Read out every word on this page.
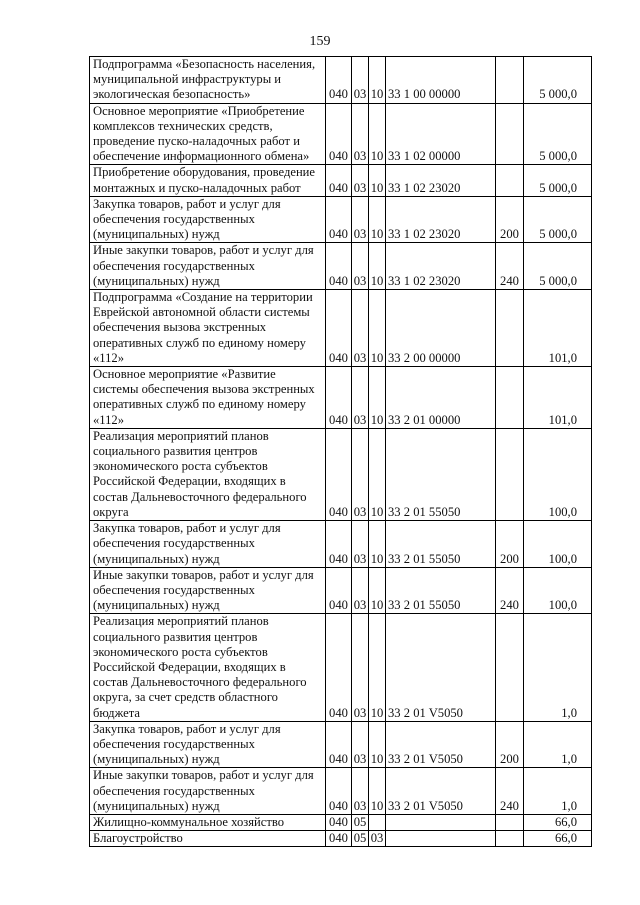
159
Подпрограмма «Безопасность населения, муниципальной инфраструктуры и экологическая безопасность»	040	03	10	33 1 00 00000		5 000,0
Основное мероприятие «Приобретение комплексов технических средств, проведение пуско-наладочных работ и обеспечение информационного обмена»	040	03	10	33 1 02 00000		5 000,0
Приобретение оборудования, проведение монтажных и пуско-наладочных работ	040	03	10	33 1 02 23020		5 000,0
Закупка товаров, работ и услуг для обеспечения государственных (муниципальных) нужд	040	03	10	33 1 02 23020	200	5 000,0
Иные закупки товаров, работ и услуг для обеспечения государственных (муниципальных) нужд	040	03	10	33 1 02 23020	240	5 000,0
Подпрограмма «Создание на территории Еврейской автономной области системы обеспечения вызова экстренных оперативных служб по единому номеру «112»	040	03	10	33 2 00 00000		101,0
Основное мероприятие «Развитие системы обеспечения вызова экстренных оперативных служб по единому номеру «112»	040	03	10	33 2 01 00000		101,0
Реализация мероприятий планов социального развития центров экономического роста субъектов Российской Федерации, входящих в состав Дальневосточного федерального округа	040	03	10	33 2 01 55050		100,0
Закупка товаров, работ и услуг для обеспечения государственных (муниципальных) нужд	040	03	10	33 2 01 55050	200	100,0
Иные закупки товаров, работ и услуг для обеспечения государственных (муниципальных) нужд	040	03	10	33 2 01 55050	240	100,0
Реализация мероприятий планов социального развития центров экономического роста субъектов Российской Федерации, входящих в состав Дальневосточного федерального округа, за счет средств областного бюджета	040	03	10	33 2 01 V5050		1,0
Закупка товаров, работ и услуг для обеспечения государственных (муниципальных) нужд	040	03	10	33 2 01 V5050	200	1,0
Иные закупки товаров, работ и услуг для обеспечения государственных (муниципальных) нужд	040	03	10	33 2 01 V5050	240	1,0
Жилищно-коммунальное хозяйство	040	05				66,0
Благоустройство	040	05	03			66,0
